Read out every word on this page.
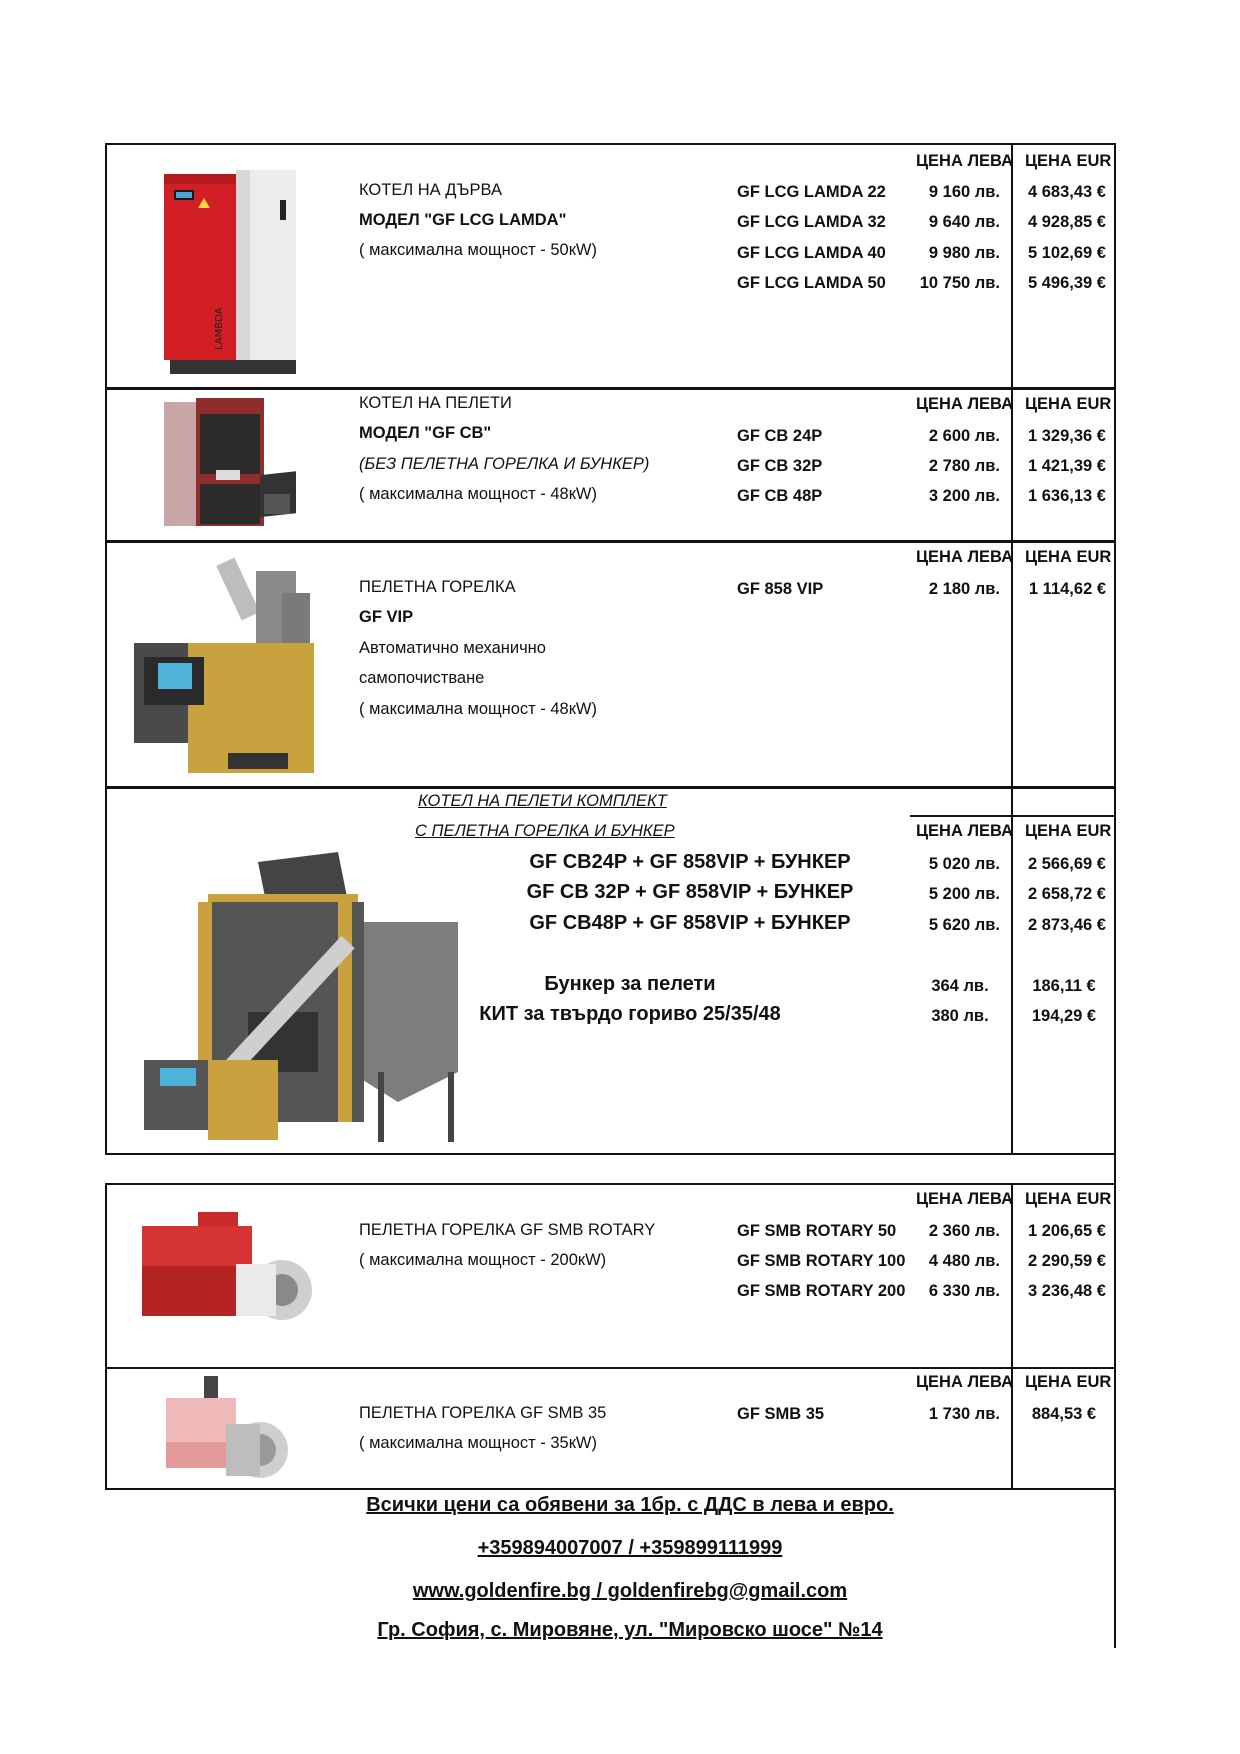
LAMBDA
КОТЕЛ НА ДЪРВА
МОДЕЛ "GF LCG LAMDA"
( максимална мощност - 50кW)
ЦЕНА ЛЕВА ЦЕНА EUR
GF LCG LAMDA 22	9 160 лв.	4 683,43 €
GF LCG LAMDA 32	9 640 лв.	4 928,85 €
GF LCG LAMDA 40	9 980 лв.	5 102,69 €
GF LCG LAMDA 50	10 750 лв.	5 496,39 €
КОТЕЛ НА ПЕЛЕТИ
МОДЕЛ "GF CB"
(БЕЗ ПЕЛЕТНА ГОРЕЛКА И БУНКЕР)
( максимална мощност - 48кW)
ЦЕНА ЛЕВА ЦЕНА EUR
GF CB 24P	2 600 лв.	1 329,36 €
GF CB 32P	2 780 лв.	1 421,39 €
GF CB 48P	3 200 лв.	1 636,13 €
ПЕЛЕТНА ГОРЕЛКА
GF VIP
Автоматично механично
самопочистване
( максимална мощност - 48кW)
ЦЕНА ЛЕВА ЦЕНА EUR
GF 858 VIP	2 180 лв.	1 114,62 €
КОТЕЛ НА ПЕЛЕТИ КОМПЛЕКТ
С ПЕЛЕТНА ГОРЕЛКА И БУНКЕР	ЦЕНА ЛЕВА ЦЕНА EUR
GF CB24P + GF 858VIP + БУНКЕР	5 020 лв.	2 566,69 €
GF CB 32P + GF 858VIP + БУНКЕР	5 200 лв.	2 658,72 €
GF CB48P + GF 858VIP + БУНКЕР	5 620 лв.	2 873,46 €
Бункер за пелети	364 лв.	186,11 €
КИТ за твърдо гориво 25/35/48	380 лв.	194,29 €
ПЕЛЕТНА ГОРЕЛКА GF SMB ROTARY
( максимална мощност - 200кW)
ЦЕНА ЛЕВА ЦЕНА EUR
GF SMB ROTARY 50	2 360 лв.	1 206,65 €
GF SMB ROTARY 100	4 480 лв.	2 290,59 €
GF SMB ROTARY 200	6 330 лв.	3 236,48 €
ПЕЛЕТНА ГОРЕЛКА GF SMB 35
( максимална мощност - 35кW)
ЦЕНА ЛЕВА ЦЕНА EUR
GF SMB 35	1 730 лв.	884,53 €
Всички цени са обявени за 1бр. с ДДС в лева и евро.
+359894007007 / +359899111999
www.goldenfire.bg / goldenfirebg@gmail.com
Гр. София, с. Мировяне, ул. "Мировско шосе" №14
